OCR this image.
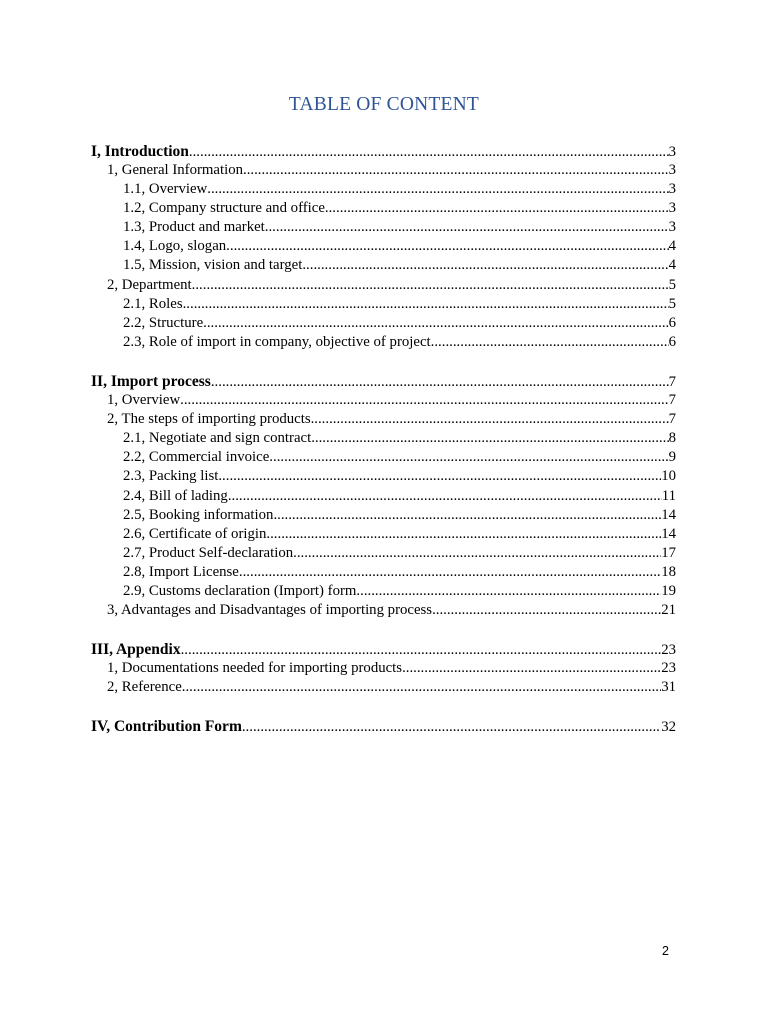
TABLE OF CONTENT
I, Introduction .....	3
1, General Information .....	3
1.1, Overview .....	3
1.2, Company structure and office .....	3
1.3, Product and market .....	3
1.4, Logo, slogan .....	4
1.5, Mission, vision and target .....	4
2, Department .....	5
2.1, Roles .....	5
2.2, Structure .....	6
2.3, Role of import in company, objective of project .....	6
II, Import process .....	7
1, Overview .....	7
2, The steps of importing products .....	7
2.1, Negotiate and sign contract .....	8
2.2, Commercial invoice .....	9
2.3, Packing list .....	10
2.4, Bill of lading .....	11
2.5, Booking information .....	14
2.6, Certificate of origin .....	14
2.7, Product Self-declaration .....	17
2.8, Import License .....	18
2.9, Customs declaration (Import) form .....	19
3, Advantages and Disadvantages of importing process .....	21
III, Appendix .....	23
1, Documentations needed for importing products .....	23
2, Reference .....	31
IV, Contribution Form .....	32
2
